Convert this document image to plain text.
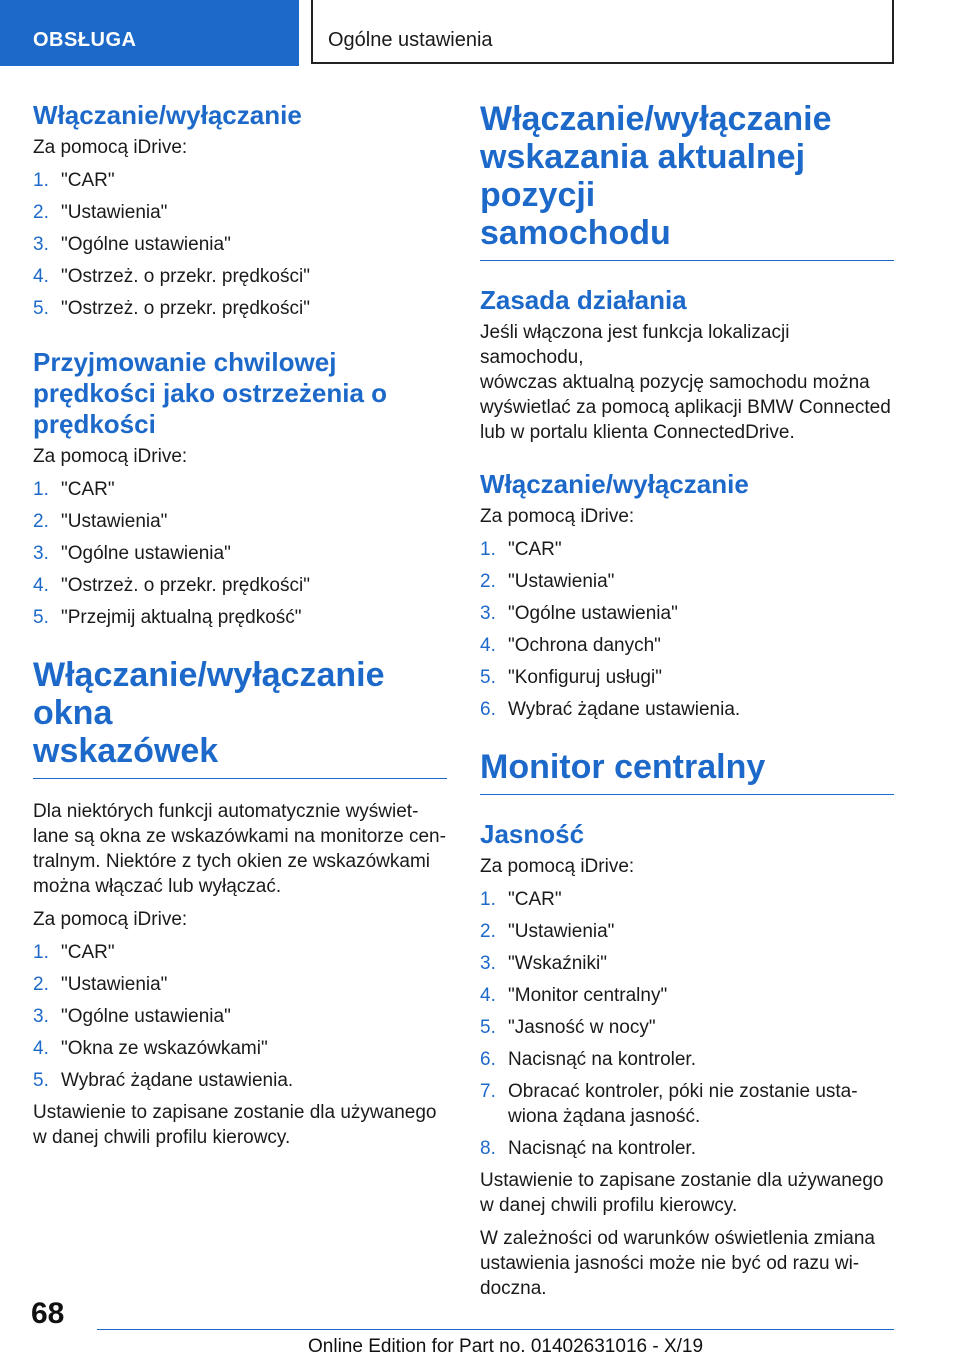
OBSŁUGA	Ogólne ustawienia
Włączanie/wyłączanie

Za pomocą iDrive:

1. "CAR"
2. "Ustawienia"
3. "Ogólne ustawienia"
4. "Ostrzeż. o przekr. prędkości"
5. "Ostrzeż. o przekr. prędkości"
Przyjmowanie chwilowej
prędkości jako ostrzeżenia o
prędkości

Za pomocą iDrive:

1. "CAR"
2. "Ustawienia"
3. "Ogólne ustawienia"
4. "Ostrzeż. o przekr. prędkości"
5. "Przejmij aktualną prędkość"
Włączanie/wyłączanie okna
wskazówek

Dla niektórych funkcji automatycznie wyświet-
lane są okna ze wskazówkami na monitorze cen-
tralnym. Niektóre z tych okien ze wskazówkami
można włączać lub wyłączać.

Za pomocą iDrive:

1. "CAR"
2. "Ustawienia"
3. "Ogólne ustawienia"
4. "Okna ze wskazówkami"
5. Wybrać żądane ustawienia.

Ustawienie to zapisane zostanie dla używanego
w danej chwili profilu kierowcy.

Włączanie/wyłączanie
wskazania aktualnej pozycji
samochodu
Zasada działania

Jeśli włączona jest funkcja lokalizacji samochodu,
wówczas aktualną pozycję samochodu można
wyświetlać za pomocą aplikacji BMW Connected
lub w portalu klienta ConnectedDrive.

Włączanie/wyłączanie

Za pomocą iDrive:

1. "CAR"
2. "Ustawienia"
3. "Ogólne ustawienia"
4. "Ochrona danych"
5. "Konfiguruj usługi"
6. Wybrać żądane ustawienia.
Monitor centralny
Jasność

Za pomocą iDrive:

1. "CAR"
2. "Ustawienia"
3. "Wskaźniki"
4. "Monitor centralny"
5. "Jasność w nocy"
6. Nacisnąć na kontroler.
7. Obracać kontroler, póki nie zostanie usta-
wiona żądana jasność.
8. Nacisnąć na kontroler.

Ustawienie to zapisane zostanie dla używanego
w danej chwili profilu kierowcy.

W zależności od warunków oświetlenia zmiana
ustawienia jasności może nie być od razu wi-
doczna.

68
Online Edition for Part no. 01402631016 - X/19
